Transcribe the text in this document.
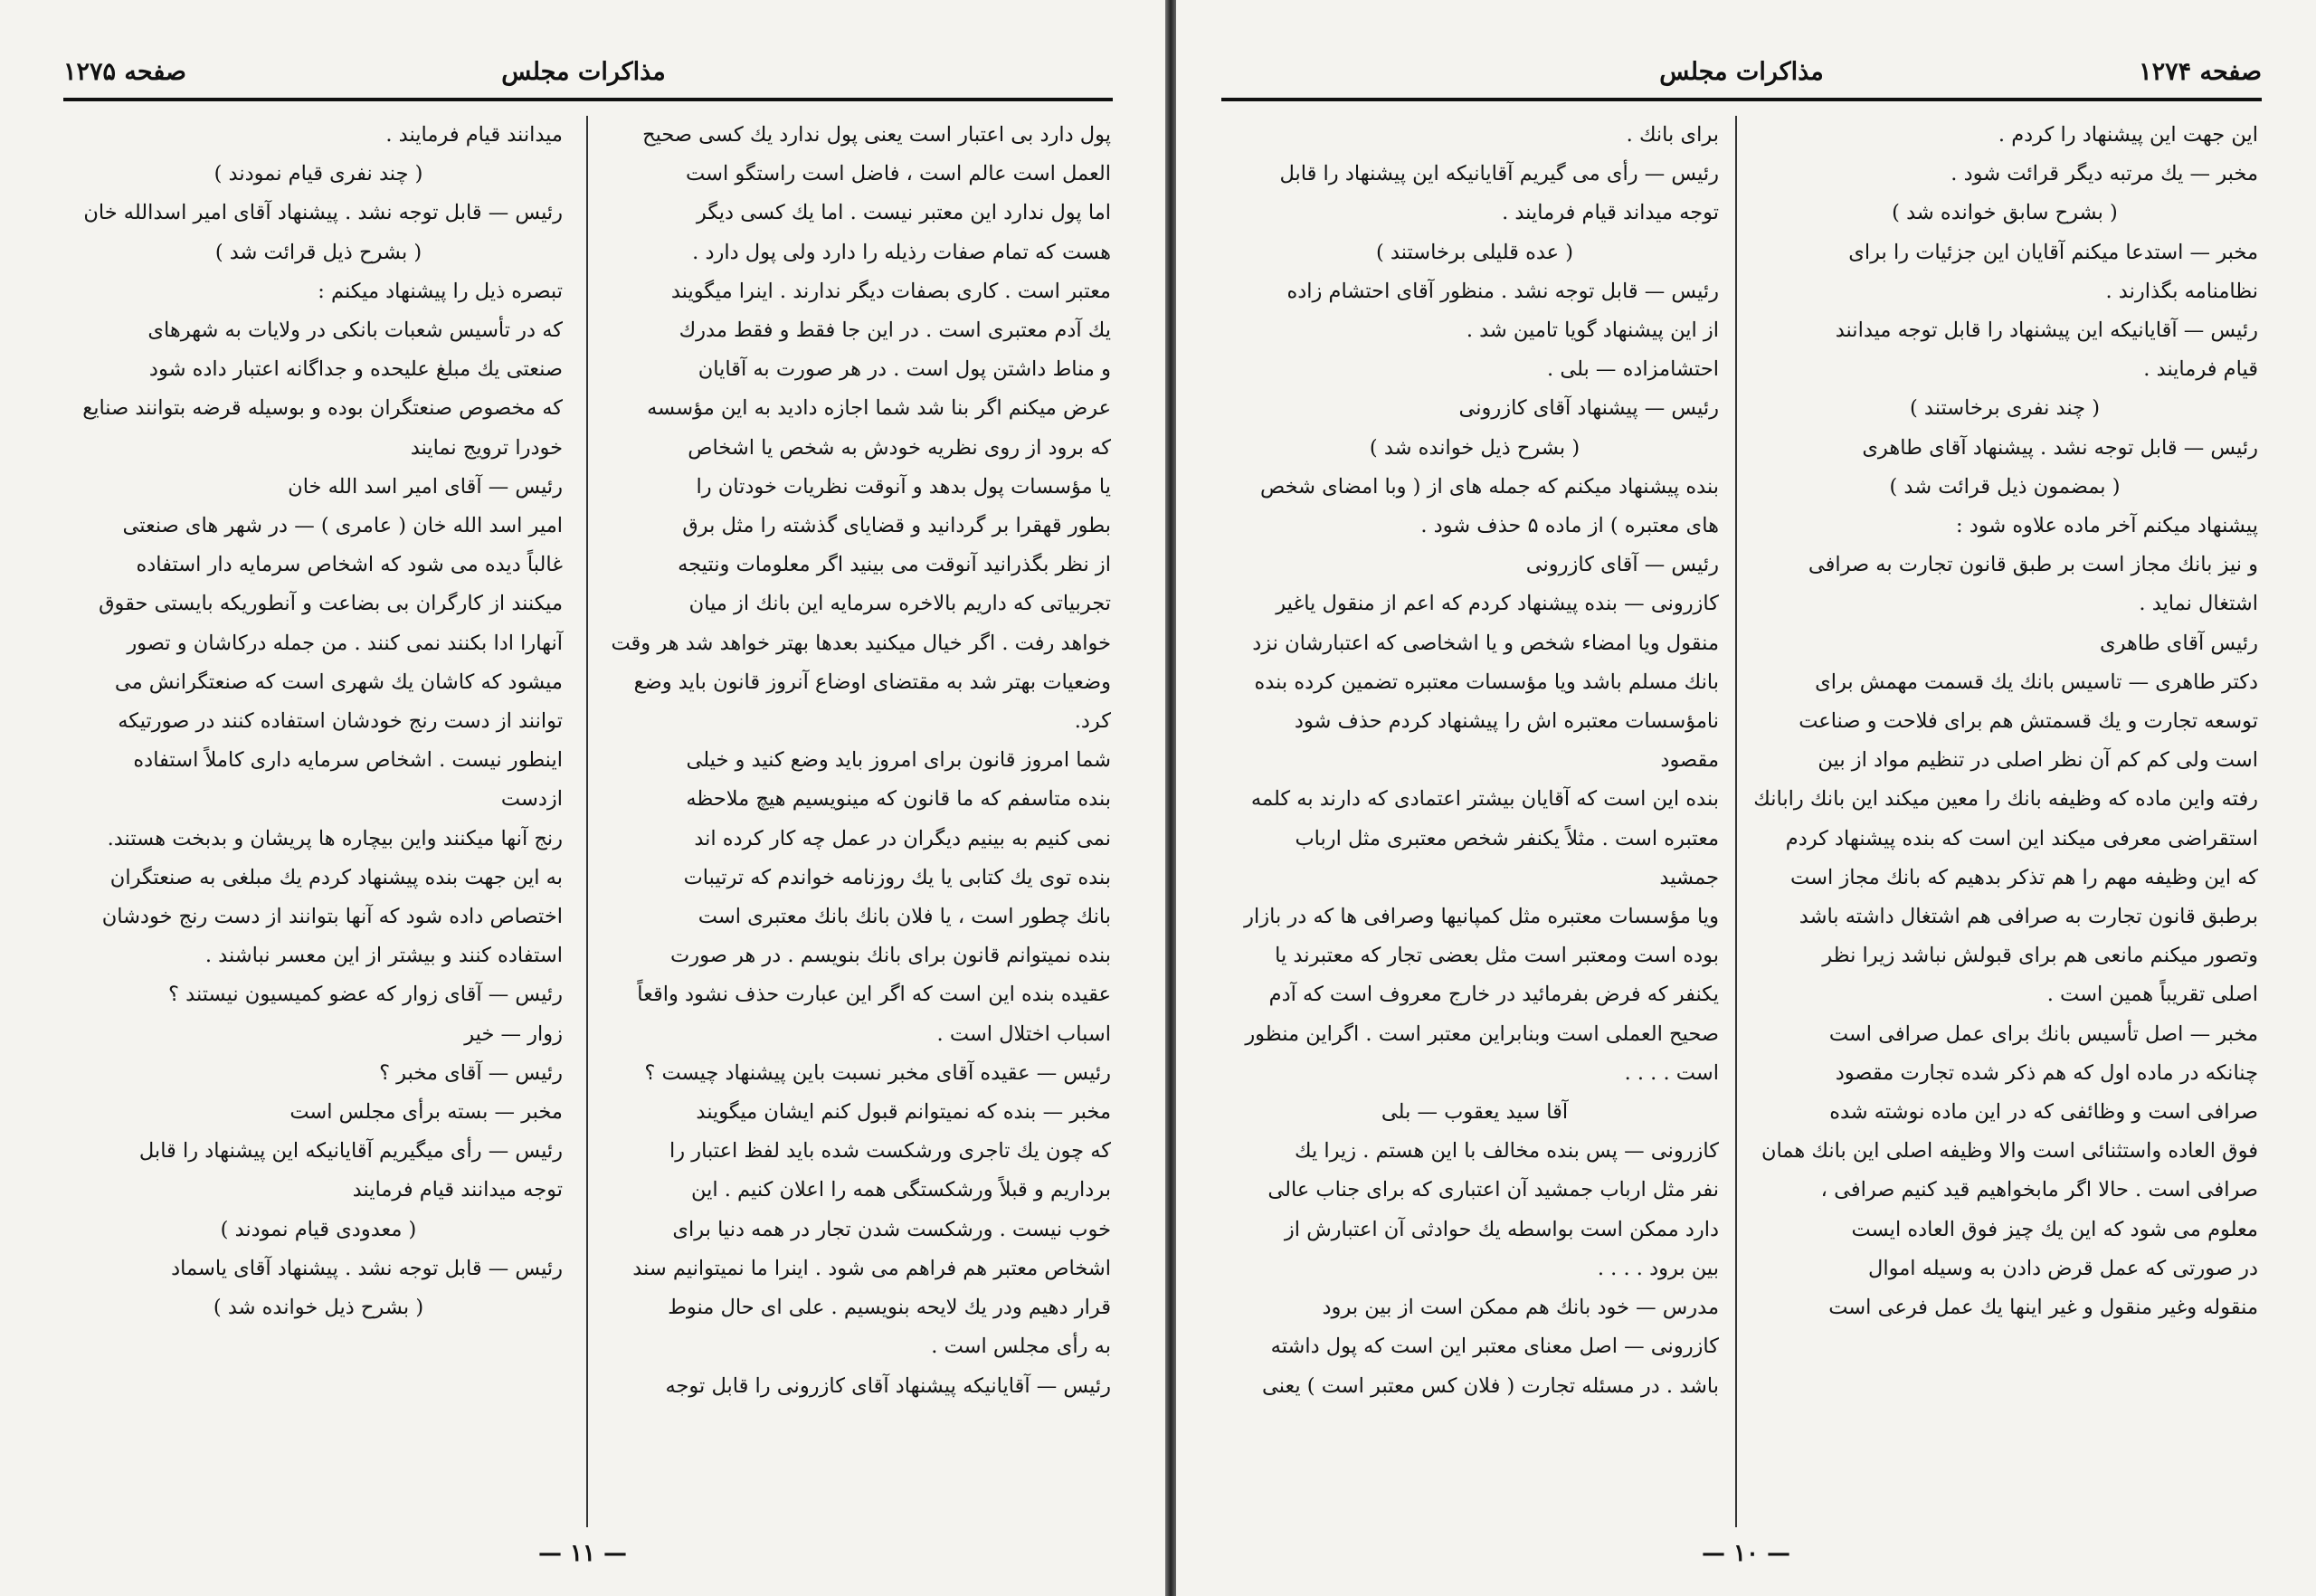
صفحه ۱۲۷۵	مذاکرات مجلس

میدانند قیام فرمایند .

( چند نفری قیام نمودند )

رئیس — قابل توجه نشد . پیشنهاد آقای امیر اسدالله خان

( بشرح ذیل قرائت شد )

تبصره ذیل را پیشنهاد میکنم :

که در تأسیس شعبات بانکی در ولایات به شهرهای

صنعتی یك مبلغ علیحده و جداگانه اعتبار داده شود

که مخصوص صنعتگران بوده و بوسیله قرضه بتوانند صنایع

خودرا ترویج نمایند

رئیس — آقای امیر اسد الله خان

امیر اسد الله خان ( عامری ) — در شهر های صنعتی

غالباً دیده می شود که اشخاص سرمایه دار استفاده

میکنند از کارگران بی بضاعت و آنطوریکه بایستی حقوق

آنهارا ادا بکنند نمی کنند . من جمله درکاشان و تصور

میشود که کاشان یك شهری است که صنعتگرانش می

توانند از دست رنج خودشان استفاده کنند در صورتیکه

اینطور نیست . اشخاص سرمایه داری کاملاً استفاده ازدست

رنج آنها میکنند واین بیچاره ها پریشان و بدبخت هستند.

به این جهت بنده پیشنهاد کردم یك مبلغی به صنعتگران

اختصاص داده شود که آنها بتوانند از دست رنج خودشان

استفاده کنند و بیشتر از این معسر نباشند .

رئیس — آقای زوار که عضو کمیسیون نیستند ؟

زوار — خیر

رئیس — آقای مخبر ؟

مخبر — بسته برأی مجلس است

رئیس — رأی میگیریم آقایانیکه این پیشنهاد را قابل

توجه میدانند قیام فرمایند

( معدودی قیام نمودند )

رئیس — قابل توجه نشد . پیشنهاد آقای یاسماد

( بشرح ذیل خوانده شد )

پول دارد بی اعتبار است یعنی پول ندارد یك کسی صحیح

العمل است عالم است ، فاضل است راستگو است

اما پول ندارد این معتبر نیست . اما یك کسی دیگر

هست که تمام صفات رذیله را دارد ولی پول دارد .

معتبر است . کاری بصفات دیگر ندارند . اینرا میگویند

یك آدم معتبری است . در این جا فقط و فقط مدرك

و مناط داشتن پول است . در هر صورت به آقایان

عرض میکنم اگر بنا شد شما اجازه دادید به این مؤسسه

که برود از روی نظریه خودش به شخص یا اشخاص

یا مؤسسات پول بدهد و آنوقت نظریات خودتان را

بطور قهقرا بر گردانید و قضایای گذشته را مثل برق

از نظر بگذرانید آنوقت می بینید اگر معلومات ونتیجه

تجربیاتی که داریم بالاخره سرمایه این بانك از میان

خواهد رفت . اگر خیال میکنید بعدها بهتر خواهد شد هر وقت

وضعیات بهتر شد به مقتضای اوضاع آنروز قانون باید وضع کرد.

شما امروز قانون برای امروز باید وضع کنید و خیلی

بنده متاسفم که ما قانون که مینویسیم هیچ ملاحظه

نمی کنیم به بینیم دیگران در عمل چه کار کرده اند

بنده توی یك کتابی یا یك روزنامه خواندم که ترتیبات

بانك چطور است ، یا فلان بانك بانك معتبری است

بنده نمیتوانم قانون برای بانك بنویسم . در هر صورت

عقیده بنده این است که اگر این عبارت حذف نشود واقعاً

اسباب اختلال است .

رئیس — عقیده آقای مخبر نسبت باین پیشنهاد چیست ؟

مخبر — بنده که نمیتوانم قبول کنم ایشان میگویند

که چون یك تاجری ورشکست شده باید لفظ اعتبار را

برداریم و قبلاً ورشکستگی همه را اعلان کنیم . این

خوب نیست . ورشکست شدن تجار در همه دنیا برای

اشخاص معتبر هم فراهم می شود . اینرا ما نمیتوانیم سند

قرار دهیم ودر یك لایحه بنویسیم . علی ای حال منوط

به رأی مجلس است .

رئیس — آقایانیکه پیشنهاد آقای کازرونی را قابل توجه

— ۱۱ —
صفحه ۱۲۷۴
مذاکرات مجلس

برای بانك .

رئیس — رأی می گیریم آقایانیکه این پیشنهاد را قابل

توجه میداند قیام فرمایند .

( عده قلیلی برخاستند )

رئیس — قابل توجه نشد . منظور آقای احتشام زاده

از این پیشنهاد گویا تامین شد .

احتشامزاده — بلی .

رئیس — پیشنهاد آقای کازرونی

( بشرح ذیل خوانده شد )

بنده پیشنهاد میکنم که جمله های از ( وبا امضای شخص

های معتبره ) از ماده ۵ حذف شود .

رئیس — آقای کازرونی

کازرونی — بنده پیشنهاد کردم که اعم از منقول یاغیر

منقول ویا امضاء شخص و یا اشخاصی که اعتبارشان نزد

بانك مسلم باشد ویا مؤسسات معتبره تضمین کرده بنده

نامؤسسات معتبره اش را پیشنهاد کردم حذف شود مقصود

بنده این است که آقایان بیشتر اعتمادی که دارند به کلمه

معتبره است . مثلاً یکنفر شخص معتبری مثل ارباب جمشید

ویا مؤسسات معتبره مثل کمپانیها وصرافی ها که در بازار

بوده است ومعتبر است مثل بعضی تجار که معتبرند یا

یکنفر که فرض بفرمائید در خارج معروف است که آدم

صحیح العملی است وبنابراین معتبر است . اگراین منظور

است . . . .

آقا سید یعقوب — بلی

کازرونی — پس بنده مخالف با این هستم . زیرا یك

نفر مثل ارباب جمشید آن اعتباری که برای جناب عالی

دارد ممکن است بواسطه یك حوادثی آن اعتبارش از

بین برود . . . .

مدرس — خود بانك هم ممکن است از بین برود

کازرونی — اصل معنای معتبر این است که پول داشته

باشد . در مسئله تجارت ( فلان کس معتبر است ) یعنی

این جهت این پیشنهاد را کردم .

مخبر — یك مرتبه دیگر قرائت شود .

( بشرح سابق خوانده شد )

مخبر — استدعا میکنم آقایان این جزئیات را برای

نظامنامه بگذارند .

رئیس — آقایانیکه این پیشنهاد را قابل توجه میدانند

قیام فرمایند .

( چند نفری برخاستند )

رئیس — قابل توجه نشد . پیشنهاد آقای طاهری

( بمضمون ذیل قرائت شد )

پیشنهاد میکنم آخر ماده علاوه شود :

و نیز بانك مجاز است بر طبق قانون تجارت به صرافی

اشتغال نماید .

رئیس آقای طاهری

دکتر طاهری — تاسیس بانك یك قسمت مهمش برای

توسعه تجارت و یك قسمتش هم برای فلاحت و صناعت

است ولی کم کم آن نظر اصلی در تنظیم مواد از بین

رفته واین ماده که وظیفه بانك را معین میکند این بانك رابانك

استقراضی معرفی میکند این است که بنده پیشنهاد کردم

که این وظیفه مهم را هم تذکر بدهیم که بانك مجاز است

برطبق قانون تجارت به صرافی هم اشتغال داشته باشد

وتصور میکنم مانعی هم برای قبولش نباشد زیرا نظر

اصلی تقریباً همین است .

مخبر — اصل تأسیس بانك برای عمل صرافی است

چنانکه در ماده اول که هم ذکر شده تجارت مقصود

صرافی است و وظائفی که در این ماده نوشته شده

فوق العاده واستثنائی است والا وظیفه اصلی این بانك همان

صرافی است . حالا اگر مابخواهیم قید کنیم صرافی ،

معلوم می شود که این یك چیز فوق العاده ایست

در صورتی که عمل قرض دادن به وسیله اموال

منقوله وغیر منقول و غیر اینها یك عمل فرعی است

— ۱۰ —
